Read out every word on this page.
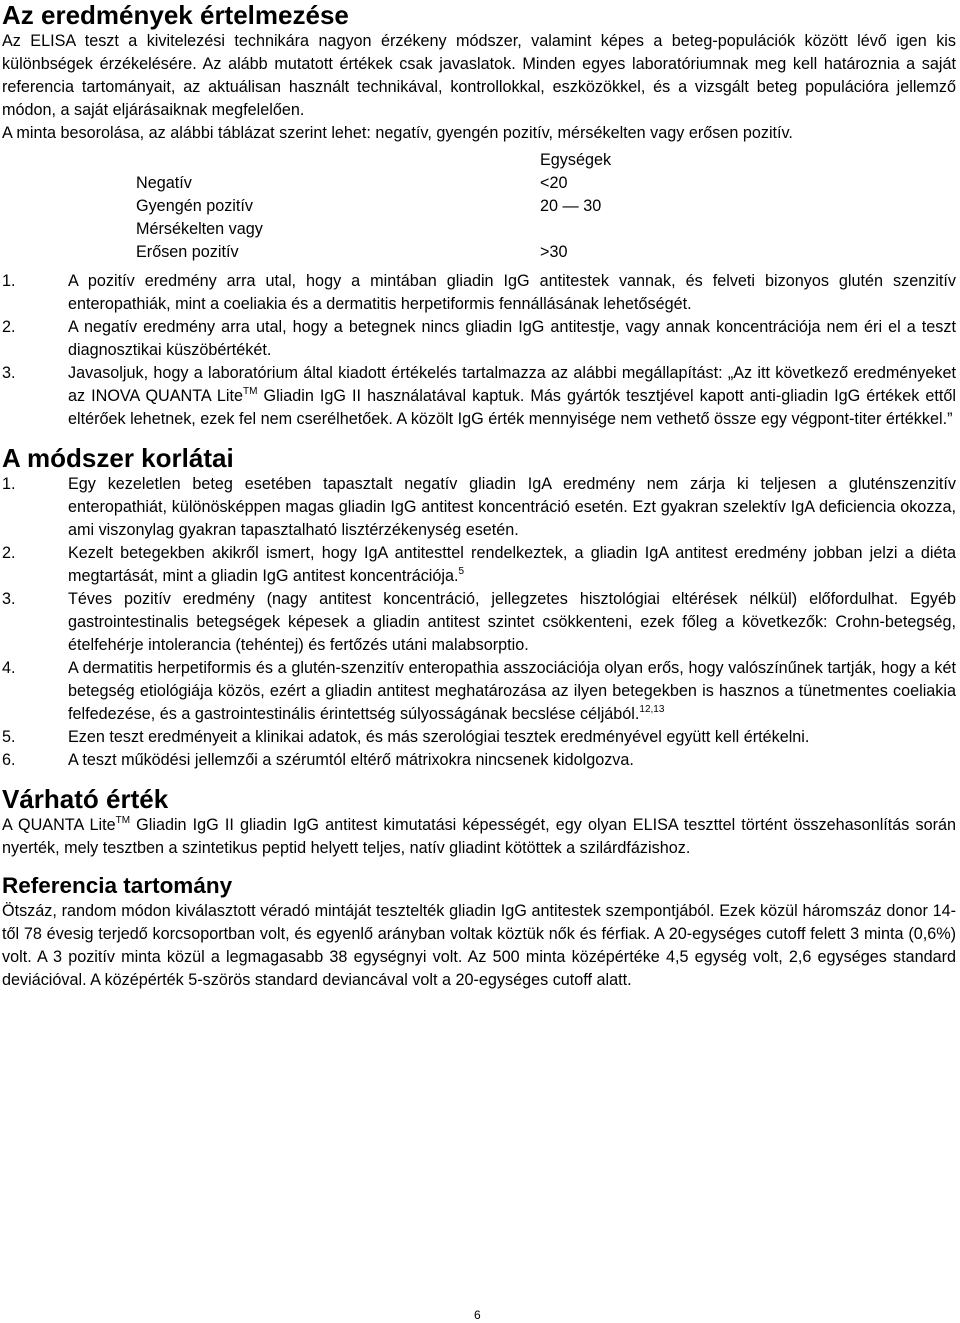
Az eredmények értelmezése

Az ELISA teszt a kivitelezési technikára nagyon érzékeny módszer, valamint képes a beteg-populációk között lévő igen kis különbségek érzékelésére. Az alább mutatott értékek csak javaslatok. Minden egyes laboratóriumnak meg kell határoznia a saját referencia tartományait, az aktuálisan használt technikával, kontrollokkal, eszközökkel, és a vizsgált beteg populációra jellemző módon, a saját eljárásaiknak megfelelően.

A minta besorolása, az alábbi táblázat szerint lehet: negatív, gyengén pozitív, mérsékelten vagy erősen pozitív.

Egységek
Negatív	<20
Gyengén pozitív	20 — 30
Mérsékelten vagy
Erősen pozitív	>30
1.	A pozitív eredmény arra utal, hogy a mintában gliadin IgG antitestek vannak, és felveti bizonyos glutén szenzitív enteropathiák, mint a coeliakia és a dermatitis herpetiformis fennállásának lehetőségét.
2.	A negatív eredmény arra utal, hogy a betegnek nincs gliadin IgG antitestje, vagy annak koncentrációja nem éri el a teszt diagnosztikai küszöbértékét.
3.	Javasoljuk, hogy a laboratórium által kiadott értékelés tartalmazza az alábbi megállapítást: „Az itt következő eredményeket az INOVA QUANTA Lite™ Gliadin IgG II használatával kaptuk. Más gyártók tesztjével kapott anti-gliadin IgG értékek ettől eltérőek lehetnek, ezek fel nem cserélhetőek. A közölt IgG érték mennyisége nem vethető össze egy végpont-titer értékkel.”
A módszer korlátai
1.	Egy kezeletlen beteg esetében tapasztalt negatív gliadin IgA eredmény nem zárja ki teljesen a gluténszenzitív enteropathiát, különösképpen magas gliadin IgG antitest koncentráció esetén. Ezt gyakran szelektív IgA deficiencia okozza, ami viszonylag gyakran tapasztalható lisztérzékenység esetén.
2.	Kezelt betegekben akikről ismert, hogy IgA antitesttel rendelkeztek, a gliadin IgA antitest eredmény jobban jelzi a diéta megtartását, mint a gliadin IgG antitest koncentrációja.$^5$
3.	Téves pozitív eredmény (nagy antitest koncentráció, jellegzetes hisztológiai eltérések nélkül) előfordulhat. Egyéb gastrointestinalis betegségek képesek a gliadin antitest szintet csökkenteni, ezek főleg a következők: Crohn-betegség, ételfehérje intolerancia (tehéntej) és fertőzés utáni malabsorptio.
4.	A dermatitis herpetiformis és a glutén-szenzitív enteropathia asszociációja olyan erős, hogy valószínűnek tartják, hogy a két betegség etiológiája közös, ezért a gliadin antitest meghatározása az ilyen betegekben is hasznos a tünetmentes coeliakia felfedezése, és a gastrointestinális érintettség súlyosságának becslése céljából.$^{12,13}$
5.	Ezen teszt eredményeit a klinikai adatok, és más szerológiai tesztek eredményével együtt kell értékelni.
6.	A teszt működési jellemzői a szérumtól eltérő mátrixokra nincsenek kidolgozva.
Várható érték

A QUANTA Lite™ Gliadin IgG II gliadin IgG antitest kimutatási képességét, egy olyan ELISA teszttel történt összehasonlítás során nyerték, mely tesztben a szintetikus peptid helyett teljes, natív gliadint kötöttek a szilárdfázishoz.

Referencia tartomány

Ötszáz, random módon kiválasztott véradó mintáját tesztelték gliadin IgG antitestek szempontjából. Ezek közül háromszáz donor 14-től 78 évesig terjedő korcsoportban volt, és egyenlő arányban voltak köztük nők és férfiak. A 20-egységes cutoff felett 3 minta (0,6%) volt. A 3 pozitív minta közül a legmagasabb 38 egységnyi volt. Az 500 minta középértéke 4,5 egység volt, 2,6 egységes standard deviációval. A középérték 5-szörös standard deviancával volt a 20-egységes cutoff alatt.

6
